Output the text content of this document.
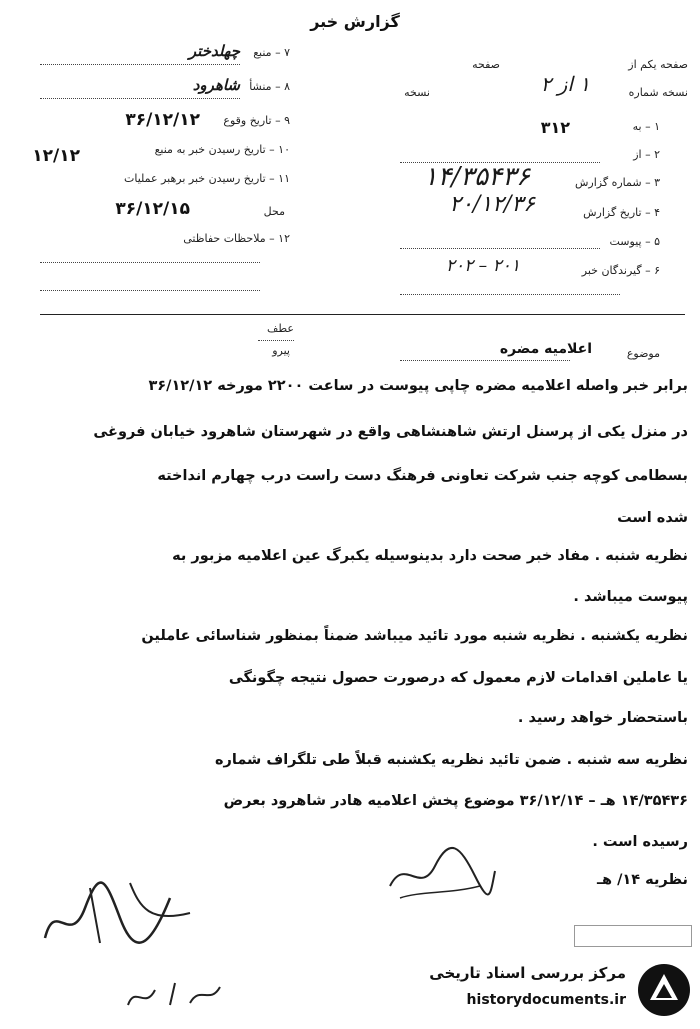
گزارش خبر
۷ – منبع
چهلدختر
۸ – منشأ
شاهرود
۹ – تاریخ وقوع
۳۶/۱۲/۱۲
۱۰ – تاریخ رسیدن خبر به منبع
۱۲/۱۲
۱۱ – تاریخ رسیدن خبر برهبر عملیات
محل
۳۶/۱۲/۱۵
۱۲ – ملاحظات حفاظتی
صفحه یکم از
صفحه
نسخه شماره
۱ از ۲
نسخه
۱ – به
۳۱۲
۲ – از
۳ – شماره گزارش
۱۴/۳۵۴۳۶
۴ – تاریخ گزارش
۲۰/۱۲/۳۶
۵ – پیوست
۶ – گیرندگان خبر
۲۰۱ – ۲۰۲
عطف
پیرو	موضوع
اعلامیه مضره
برابر خبر واصله اعلامیه مضره چاپی پیوست در ساعت ۲۲۰۰ مورخه ۳۶/۱۲/۱۲
در منزل یکی از پرسنل ارتش شاهنشاهی واقع در شهرستان شاهرود خیابان فروغی
بسطامی کوچه جنب شرکت تعاونی فرهنگ دست راست درب چهارم انداخته
شده است
نظریه شنبه . مفاد خبر صحت دارد بدینوسیله یکبرگ عین اعلامیه مزبور به
پیوست میباشد .
نظریه یکشنبه . نظریه شنبه مورد تائید میباشد ضمناً بمنظور شناسائی عاملین
یا عاملین اقدامات لازم معمول که درصورت حصول نتیجه چگونگی
باستحضار خواهد رسید .
نظریه سه شنبه . ضمن تائید نظریه یکشنبه قبلاً طی تلگراف شماره
۱۴/۳۵۴۳۶ هـ – ۳۶/۱۲/۱۴ موضوع پخش اعلامیه هادر شاهرود بعرض
رسیده است .
نظریه ۱۴/ هـ
مرکز بررسی اسناد تاریخی
historydocuments.ir
